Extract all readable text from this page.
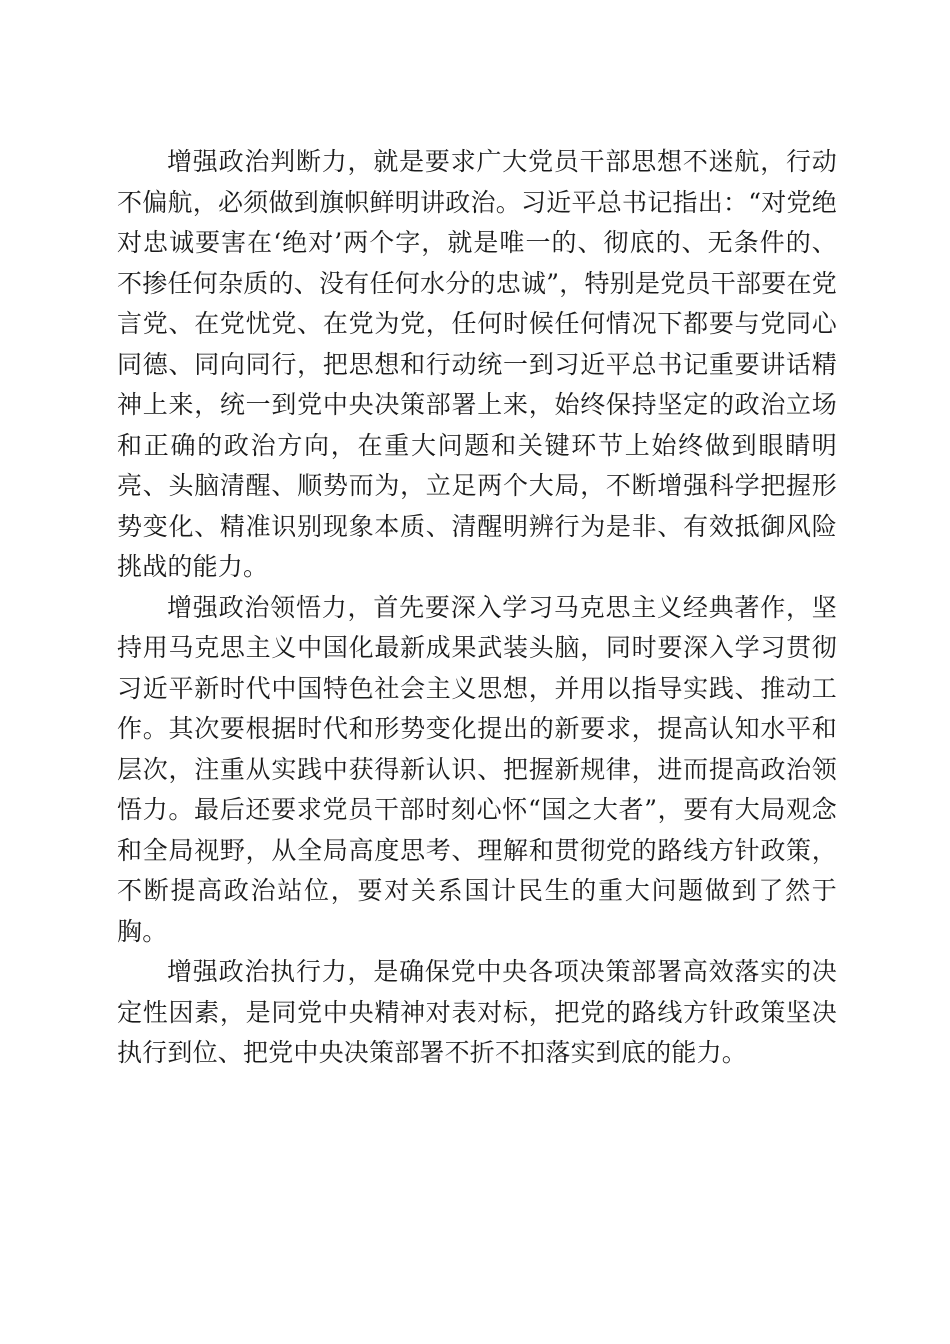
增强政治判断力，就是要求广大党员干部思想不迷航，行动不偏航，必须做到旗帜鲜明讲政治。习近平总书记指出：“对党绝对忠诚要害在‘绝对’两个字，就是唯一的、彻底的、无条件的、不掺任何杂质的、没有任何水分的忠诚”，特别是党员干部要在党言党、在党忧党、在党为党，任何时候任何情况下都要与党同心同德、同向同行，把思想和行动统一到习近平总书记重要讲话精神上来，统一到党中央决策部署上来，始终保持坚定的政治立场和正确的政治方向，在重大问题和关键环节上始终做到眼睛明亮、头脑清醒、顺势而为，立足两个大局，不断增强科学把握形势变化、精准识别现象本质、清醒明辨行为是非、有效抵御风险挑战的能力。

增强政治领悟力，首先要深入学习马克思主义经典著作，坚持用马克思主义中国化最新成果武装头脑，同时要深入学习贯彻习近平新时代中国特色社会主义思想，并用以指导实践、推动工作。其次要根据时代和形势变化提出的新要求，提高认知水平和层次，注重从实践中获得新认识、把握新规律，进而提高政治领悟力。最后还要求党员干部时刻心怀“国之大者”，要有大局观念和全局视野，从全局高度思考、理解和贯彻党的路线方针政策，不断提高政治站位，要对关系国计民生的重大问题做到了然于胸。

增强政治执行力，是确保党中央各项决策部署高效落实的决定性因素，是同党中央精神对表对标，把党的路线方针政策坚决执行到位、把党中央决策部署不折不扣落实到底的能力。
